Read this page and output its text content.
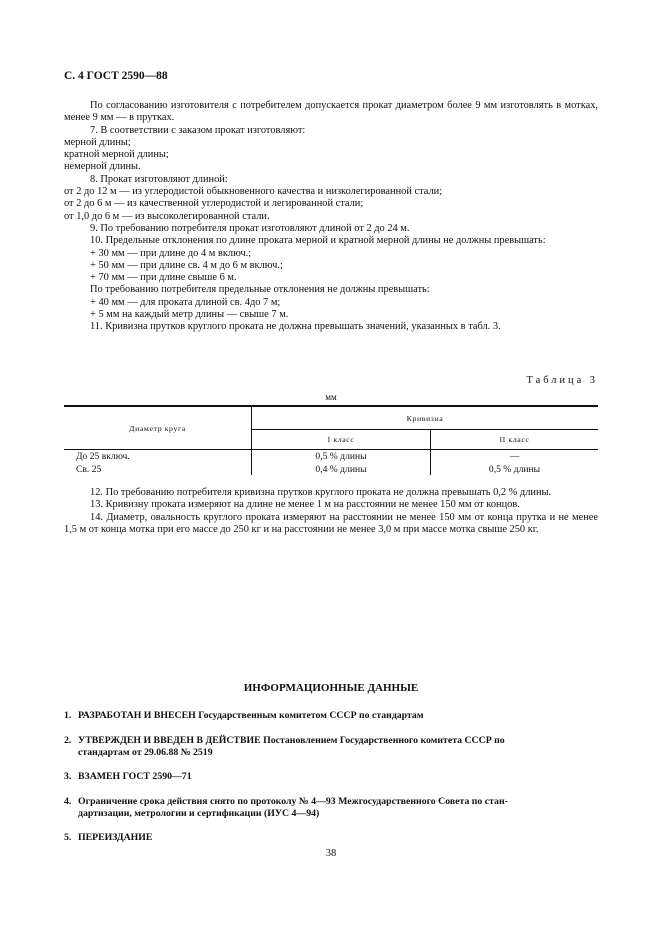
С. 4 ГОСТ 2590—88

По согласованию изготовителя с потребителем допускается прокат диаметром более 9 мм изготовлять в мотках, менее 9 мм — в прутках.

7. В соответствии с заказом прокат изготовляют:

мерной длины;

кратной мерной длины;

немерной длины.

8. Прокат изготовляют длиной:

от 2 до 12 м — из углеродистой обыкновенного качества и низколегированной стали;

от 2 до 6 м — из качественной углеродистой и легированной стали;

от 1,0 до 6 м — из высоколегированной стали.

9. По требованию потребителя прокат изготовляют длиной от 2 до 24 м.

10. Предельные отклонения по длине проката мерной и кратной мерной длины не должны превышать:

+ 30 мм — при длине до 4 м включ.;

+ 50 мм — при длине св. 4 м до 6 м включ.;

+ 70 мм — при длине свыше 6 м.

По требованию потребителя предельные отклонения не должны превышать:

+ 40 мм — для проката длиной св. 4до 7 м;

+ 5 мм на каждый метр длины — свыше 7 м.

11. Кривизна прутков круглого проката не должна превышать значений, указанных в табл. 3.

Таблица 3
мм
Диаметр круга	Кривизна	
	I класс	II класс
До 25 включ.	0,5 % длины	—
Св. 25	0,4 % длины	0,5 % длины

12. По требованию потребителя кривизна прутков круглого проката не должна превышать 0,2 % длины.

13. Кривизну проката измеряют на длине не менее 1 м на расстоянии не менее 150 мм от концов.

14. Диаметр, овальность круглого проката измеряют на расстоянии не менее 150 мм от конца прутка и не менее 1,5 м от конца мотка при его массе до 250 кг и на расстоянии не менее 3,0 м при массе мотка свыше 250 кг.

ИНФОРМАЦИОННЫЕ ДАННЫЕ
1. РАЗРАБОТАН И ВНЕСЕН Государственным комитетом СССР по стандартам
2. УТВЕРЖДЕН И ВВЕДЕН В ДЕЙСТВИЕ Постановлением Государственного комитета СССР по
стандартам от 29.06.88 № 2519
3. ВЗАМЕН ГОСТ 2590—71
4. Ограничение срока действия снято по протоколу № 4—93 Межгосударственного Совета по стан-
дартизации, метрологии и сертификации (ИУС 4—94)
5. ПЕРЕИЗДАНИЕ
38
